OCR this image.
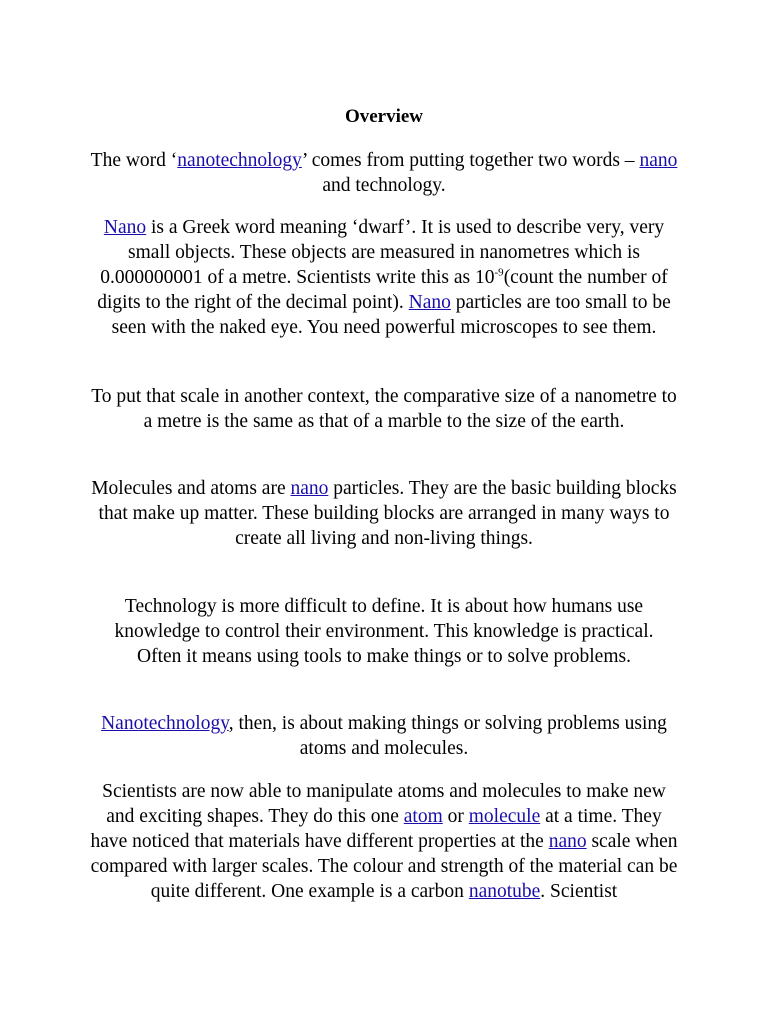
Overview

The word ‘nanotechnology’ comes from putting together two words – nano and technology.

Nano is a Greek word meaning ‘dwarf’. It is used to describe very, very small objects. These objects are measured in nanometres which is 0.000000001 of a metre. Scientists write this as $10^{-9}(count$ the number of digits to the right of the decimal point). Nano particles are too small to be seen with the naked eye. You need powerful microscopes to see them.

To put that scale in another context, the comparative size of a nanometre to a metre is the same as that of a marble to the size of the earth.

Molecules and atoms are nano particles. They are the basic building blocks that make up matter. These building blocks are arranged in many ways to create all living and non-living things.

Technology is more difficult to define. It is about how humans use knowledge to control their environment. This knowledge is practical. Often it means using tools to make things or to solve problems.

Nanotechnology, then, is about making things or solving problems using atoms and molecules.

Scientists are now able to manipulate atoms and molecules to make new and exciting shapes. They do this one atom or molecule at a time. They have noticed that materials have different properties at the nano scale when compared with larger scales. The colour and strength of the material can be quite different. One example is a carbon nanotube. Scientist
